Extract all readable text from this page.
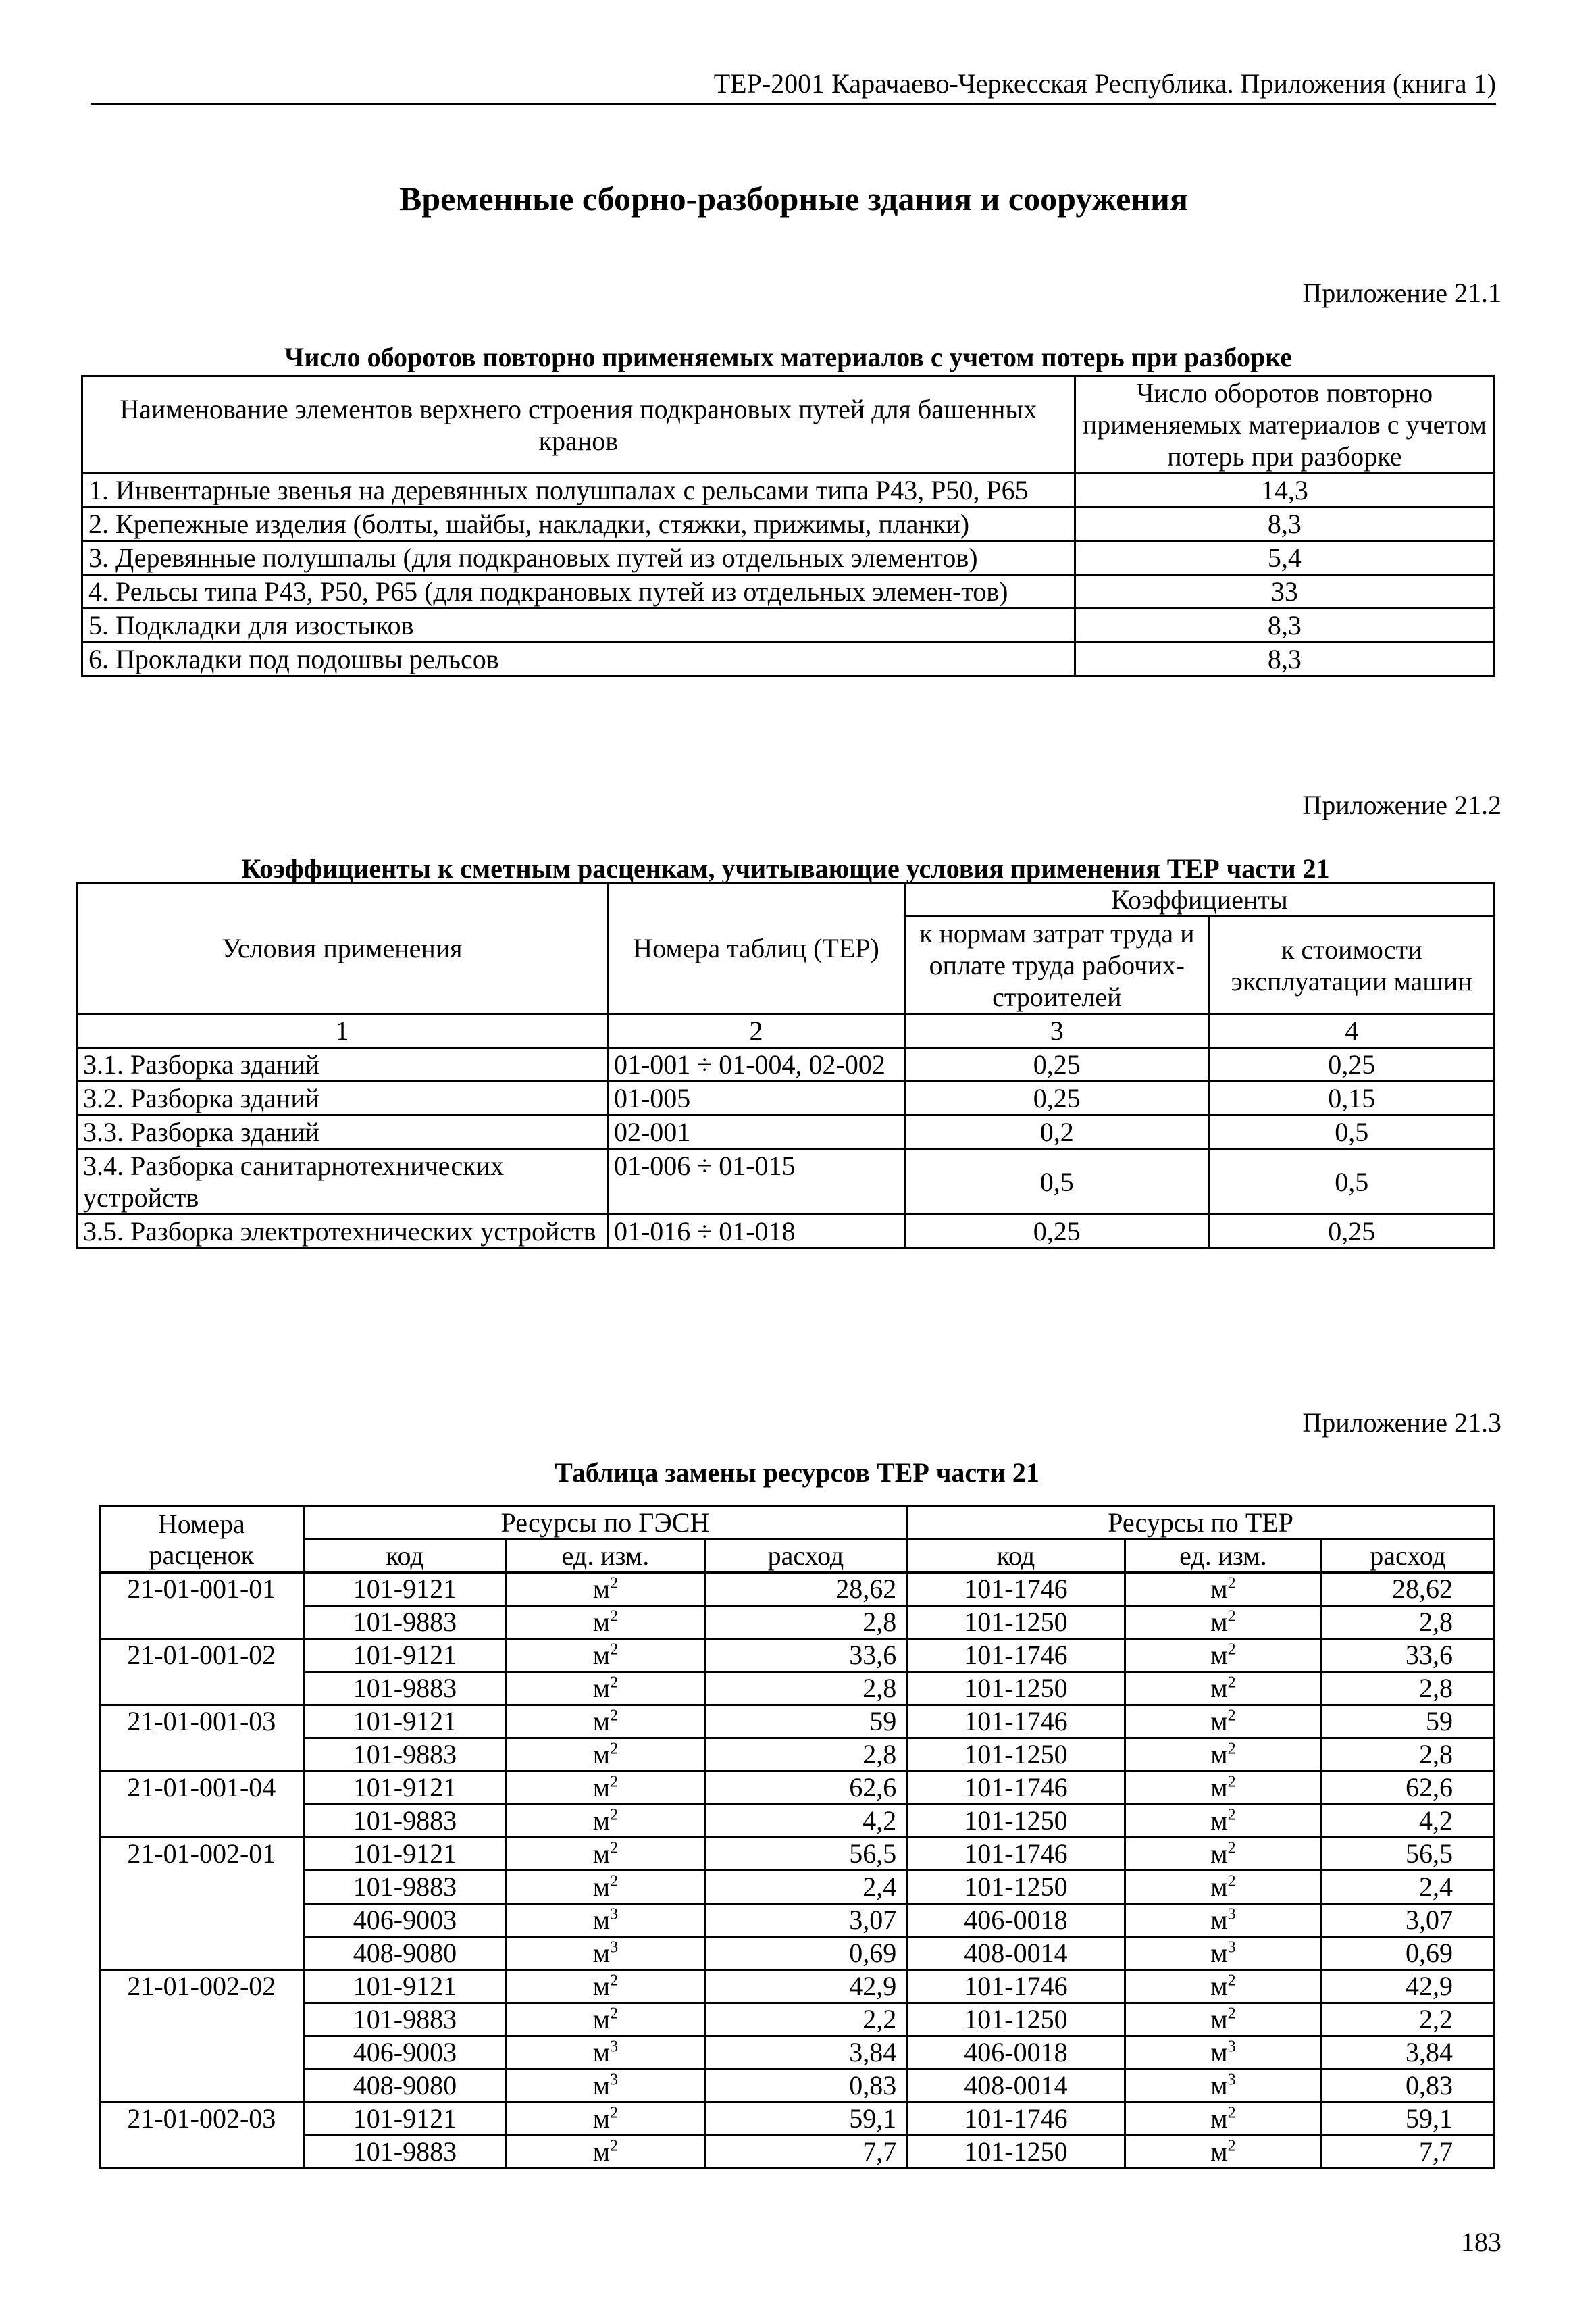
ТЕР-2001 Карачаево-Черкесская Республика. Приложения (книга 1)
Временные сборно-разборные здания и сооружения
Приложение 21.1
Число оборотов повторно применяемых материалов с учетом потерь при разборке
Наименование элементов верхнего строения подкрановых путей для башенных кранов	Число оборотов повторно применяемых материалов с учетом потерь при разборке
1. Инвентарные звенья на деревянных полушпалах с рельсами типа Р43, Р50, Р65	14,3
2. Крепежные изделия (болты, шайбы, накладки, стяжки, прижимы, планки)	8,3
3. Деревянные полушпалы (для подкрановых путей из отдельных элементов)	5,4
4. Рельсы типа Р43, Р50, Р65 (для подкрановых путей из отдельных элемен-тов)	33
5. Подкладки для изостыков	8,3
6. Прокладки под подошвы рельсов	8,3
Приложение 21.2
Коэффициенты к сметным расценкам, учитывающие условия применения ТЕР части 21
Условия применения	Номера таблиц (ТЕР)	Коэффициенты	
		к нормам затрат труда и оплате труда рабочих-строителей	к стоимости эксплуатации машин
1	2	3	4
3.1. Разборка зданий	01-001 ÷ 01-004, 02-002	0,25	0,25
3.2. Разборка зданий	01-005	0,25	0,15
3.3. Разборка зданий	02-001	0,2	0,5
3.4. Разборка санитарнотехнических устройств	01-006 ÷ 01-015	0,5	0,5
3.5. Разборка электротехнических устройств	01-016 ÷ 01-018	0,25	0,25
Приложение 21.3
Таблица замены ресурсов ТЕР части 21
Номера расценок	Ресурсы по ГЭСН			Ресурсы по ТЕР		
	код	ед. изм.	расход	код	ед. изм.	расход
21-01-001-01	101-9121	$м^2$	28,62	101-1746	$м^2$	28,62
	101-9883	$м^2$	2,8	101-1250	$м^2$	2,8
21-01-001-02	101-9121	$м^2$	33,6	101-1746	$м^2$	33,6
	101-9883	$м^2$	2,8	101-1250	$м^2$	2,8
21-01-001-03	101-9121	$м^2$	59	101-1746	$м^2$	59
	101-9883	$м^2$	2,8	101-1250	$м^2$	2,8
21-01-001-04	101-9121	$м^2$	62,6	101-1746	$м^2$	62,6
	101-9883	$м^2$	4,2	101-1250	$м^2$	4,2
21-01-002-01	101-9121	$м^2$	56,5	101-1746	$м^2$	56,5
	101-9883	$м^2$	2,4	101-1250	$м^2$	2,4
	406-9003	$м^3$	3,07	406-0018	$м^3$	3,07
	408-9080	$м^3$	0,69	408-0014	$м^3$	0,69
21-01-002-02	101-9121	$м^2$	42,9	101-1746	$м^2$	42,9
	101-9883	$м^2$	2,2	101-1250	$м^2$	2,2
	406-9003	$м^3$	3,84	406-0018	$м^3$	3,84
	408-9080	$м^3$	0,83	408-0014	$м^3$	0,83
21-01-002-03	101-9121	$м^2$	59,1	101-1746	$м^2$	59,1
	101-9883	$м^2$	7,7	101-1250	$м^2$	7,7
183
